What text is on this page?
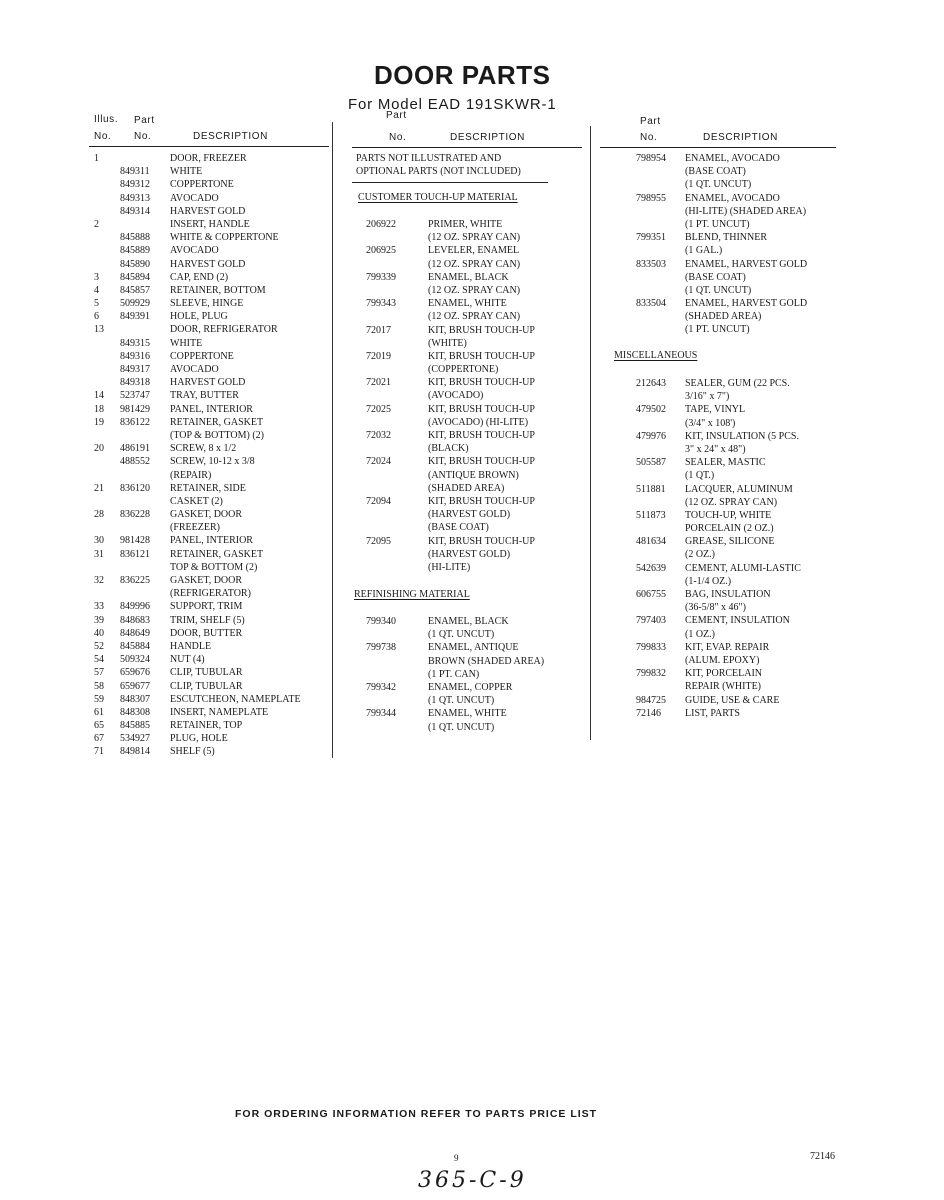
DOOR PARTS
For Model EAD 191SKWR-1
Illus. Part
No. No.	DESCRIPTION
Part
No.	DESCRIPTION
Part
No.	DESCRIPTION
1	DOOR, FREEZER
849311 WHITE
849312 COPPERTONE
849313 AVOCADO
849314 HARVEST GOLD
2	INSERT, HANDLE
845888 WHITE & COPPERTONE
845889 AVOCADO
845890 HARVEST GOLD
3 845894 CAP, END (2)
4 845857 RETAINER, BOTTOM
5 509929 SLEEVE, HINGE
6 849391 HOLE, PLUG
13	DOOR, REFRIGERATOR
849315 WHITE
849316 COPPERTONE
849317 AVOCADO
849318 HARVEST GOLD
14 523747 TRAY, BUTTER
18 981429 PANEL, INTERIOR
19 836122 RETAINER, GASKET
(TOP & BOTTOM) (2)
20 486191 SCREW, 8 x 1/2
488552 SCREW, 10-12 x 3/8
(REPAIR)
21 836120 RETAINER, SIDE
CASKET (2)
28 836228 GASKET, DOOR
(FREEZER)
30 981428 PANEL, INTERIOR
31 836121 RETAINER, GASKET
TOP & BOTTOM (2)
32 836225 GASKET, DOOR
(REFRIGERATOR)
33 849996 SUPPORT, TRIM
39 848683 TRIM, SHELF (5)
40 848649 DOOR, BUTTER
52 845884 HANDLE
54 509324 NUT (4)
57 659676 CLIP, TUBULAR
58 659677 CLIP, TUBULAR
59 848307 ESCUTCHEON, NAMEPLATE
61 848308 INSERT, NAMEPLATE
65 845885 RETAINER, TOP
67 534927 PLUG, HOLE
71 849814 SHELF (5)
PARTS NOT ILLUSTRATED AND
OPTIONAL PARTS (NOT INCLUDED)
CUSTOMER TOUCH-UP MATERIAL
206922	PRIMER, WHITE
(12 OZ. SPRAY CAN)
206925	LEVELER, ENAMEL
(12 OZ. SPRAY CAN)
799339	ENAMEL, BLACK
(12 OZ. SPRAY CAN)
799343	ENAMEL, WHITE
(12 OZ. SPRAY CAN)
72017	KIT, BRUSH TOUCH-UP
(WHITE)
72019	KIT, BRUSH TOUCH-UP
(COPPERTONE)
72021	KIT, BRUSH TOUCH-UP
(AVOCADO)
72025	KIT, BRUSH TOUCH-UP
(AVOCADO) (HI-LITE)
72032	KIT, BRUSH TOUCH-UP
(BLACK)
72024	KIT, BRUSH TOUCH-UP
(ANTIQUE BROWN)
(SHADED AREA)
72094	KIT, BRUSH TOUCH-UP
(HARVEST GOLD)
(BASE COAT)
72095	KIT, BRUSH TOUCH-UP
(HARVEST GOLD)
(HI-LITE)
REFINISHING MATERIAL
799340	ENAMEL, BLACK
(1 QT. UNCUT)
799738	ENAMEL, ANTIQUE
BROWN (SHADED AREA)
(1 PT. CAN)
799342	ENAMEL, COPPER
(1 QT. UNCUT)
799344	ENAMEL, WHITE
(1 QT. UNCUT)
798954 ENAMEL, AVOCADO
(BASE COAT)
(1 QT. UNCUT)
798955 ENAMEL, AVOCADO
(HI-LITE) (SHADED AREA)
(1 PT. UNCUT)
799351 BLEND, THINNER
(1 GAL.)
833503 ENAMEL, HARVEST GOLD
(BASE COAT)
(1 QT. UNCUT)
833504 ENAMEL, HARVEST GOLD
(SHADED AREA)
(1 PT. UNCUT)
MISCELLANEOUS
212643 SEALER, GUM (22 PCS.
3/16" x 7")
479502 TAPE, VINYL
(3/4" x 108')
479976 KIT, INSULATION (5 PCS.
3" x 24" x 48")
505587 SEALER, MASTIC
(1 QT.)
511881 LACQUER, ALUMINUM
(12 OZ. SPRAY CAN)
511873 TOUCH-UP, WHITE
PORCELAIN (2 OZ.)
481634 GREASE, SILICONE
(2 OZ.)
542639 CEMENT, ALUMI-LASTIC
(1-1/4 OZ.)
606755 BAG, INSULATION
(36-5/8" x 46")
797403 CEMENT, INSULATION
(1 OZ.)
799833 KIT, EVAP. REPAIR
(ALUM. EPOXY)
799832 KIT, PORCELAIN
REPAIR (WHITE)
984725 GUIDE, USE & CARE
72146 LIST, PARTS
FOR ORDERING INFORMATION REFER TO PARTS PRICE LIST
9	72146
365-C-9
